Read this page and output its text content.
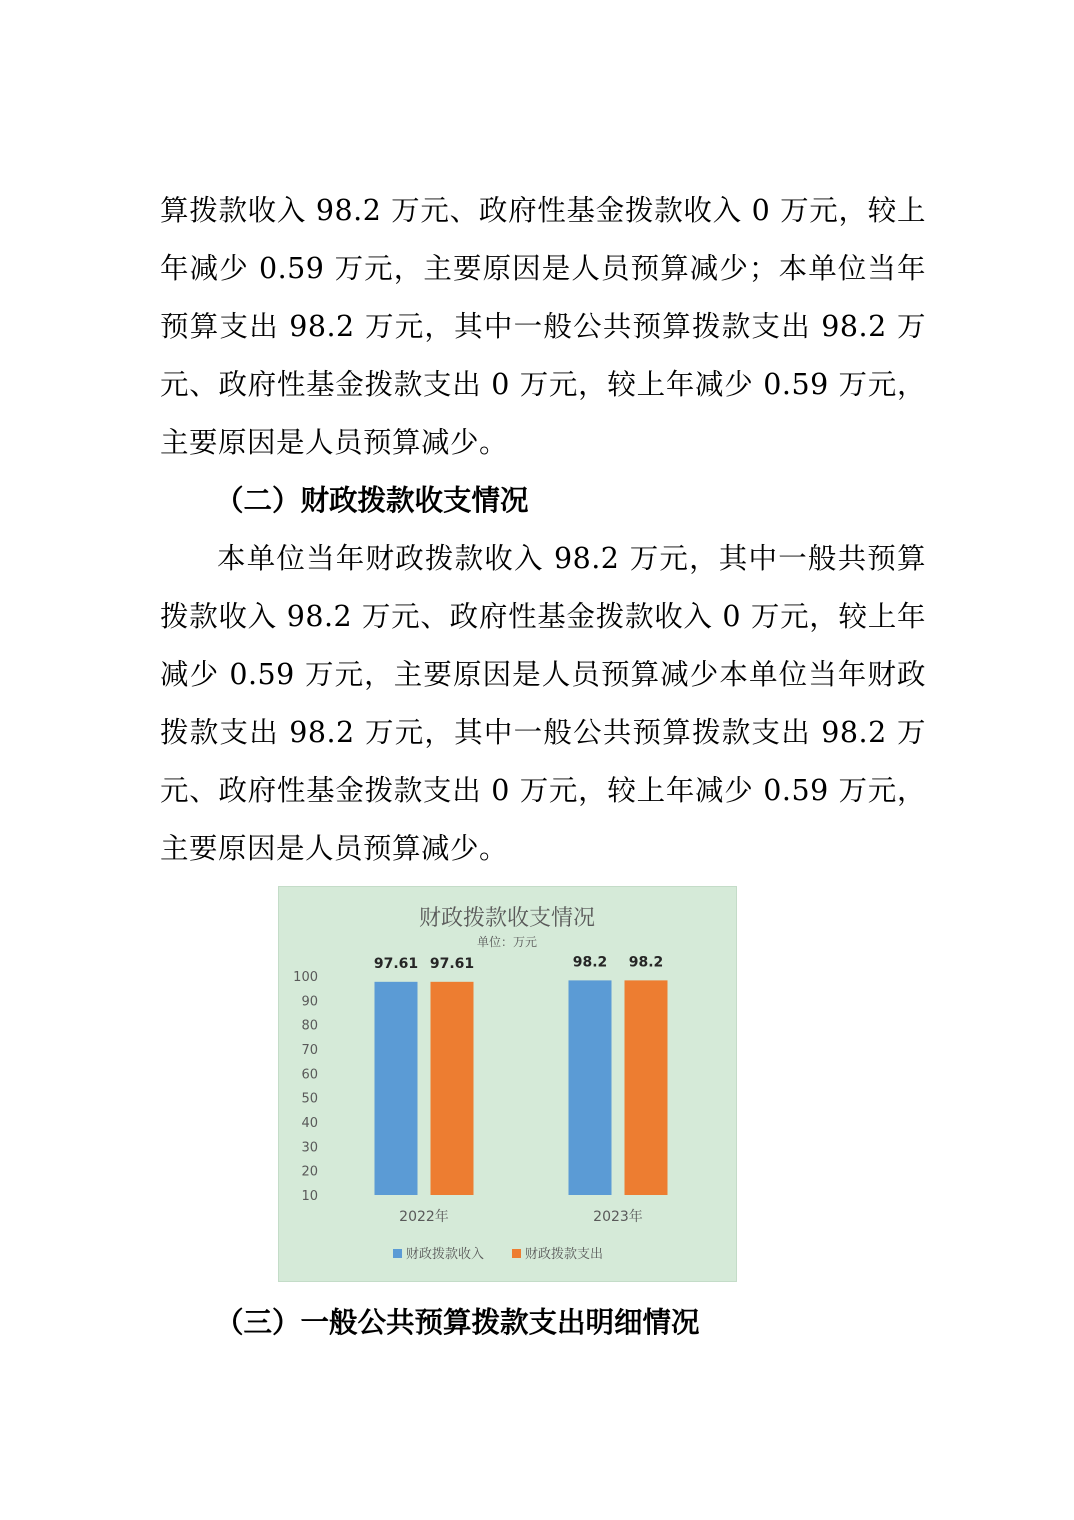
算拨款收入 98.2 万元、政府性基金拨款收入 0 万元，较上年减少 0.59 万元，主要原因是人员预算减少；本单位当年预算支出 98.2 万元，其中一般公共预算拨款支出 98.2 万元、政府性基金拨款支出 0 万元，较上年减少 0.59 万元，主要原因是人员预算减少。

（二）财政拨款收支情况

本单位当年财政拨款收入 98.2 万元，其中一般共预算拨款收入 98.2 万元、政府性基金拨款收入 0 万元，较上年减少 0.59 万元，主要原因是人员预算减少本单位当年财政拨款支出 98.2 万元，其中一般公共预算拨款支出 98.2 万元、政府性基金拨款支出 0 万元，较上年减少 0.59 万元，主要原因是人员预算减少。

财政拨款收支情况
单位：万元
100
90
80
70
60
50
40
30
20
10
97.61 97.61	98.2 98.2
2022年	2023年
财政拨款收入	财政拨款支出

（三）一般公共预算拨款支出明细情况
